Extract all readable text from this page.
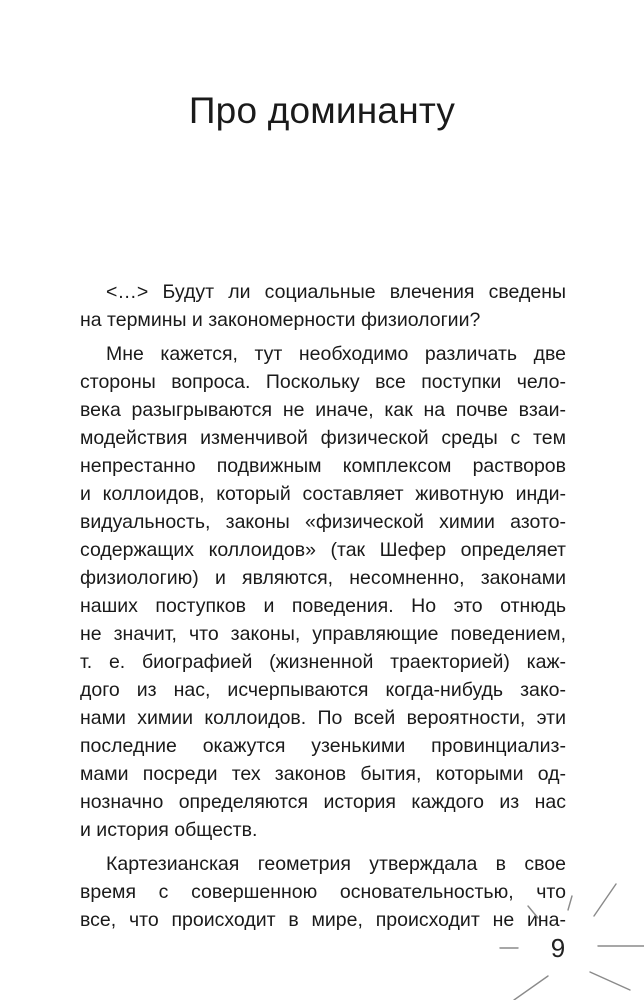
Про доминанту
<…> Будут ли социальные влечения сведены
на термины и закономерности физиологии?
Мне кажется, тут необходимо различать две
стороны вопроса. Поскольку все поступки чело-
века разыгрываются не иначе, как на почве взаи-
модействия изменчивой физической среды с тем
непрестанно подвижным комплексом растворов
и коллоидов, который составляет животную инди-
видуальность, законы «физической химии азото-
содержащих коллоидов» (так Шефер определяет
физиологию) и являются, несомненно, законами
наших поступков и поведения. Но это отнюдь
не значит, что законы, управляющие поведением,
т. е. биографией (жизненной траекторией) каж-
дого из нас, исчерпываются когда-нибудь зако-
нами химии коллоидов. По всей вероятности, эти
последние окажутся узенькими провинциализ-
мами посреди тех законов бытия, которыми од-
нозначно определяются история каждого из нас
и история обществ.
Картезианская геометрия утверждала в свое
время с совершенною основательностью, что
все, что происходит в мире, происходит не ина-
9
